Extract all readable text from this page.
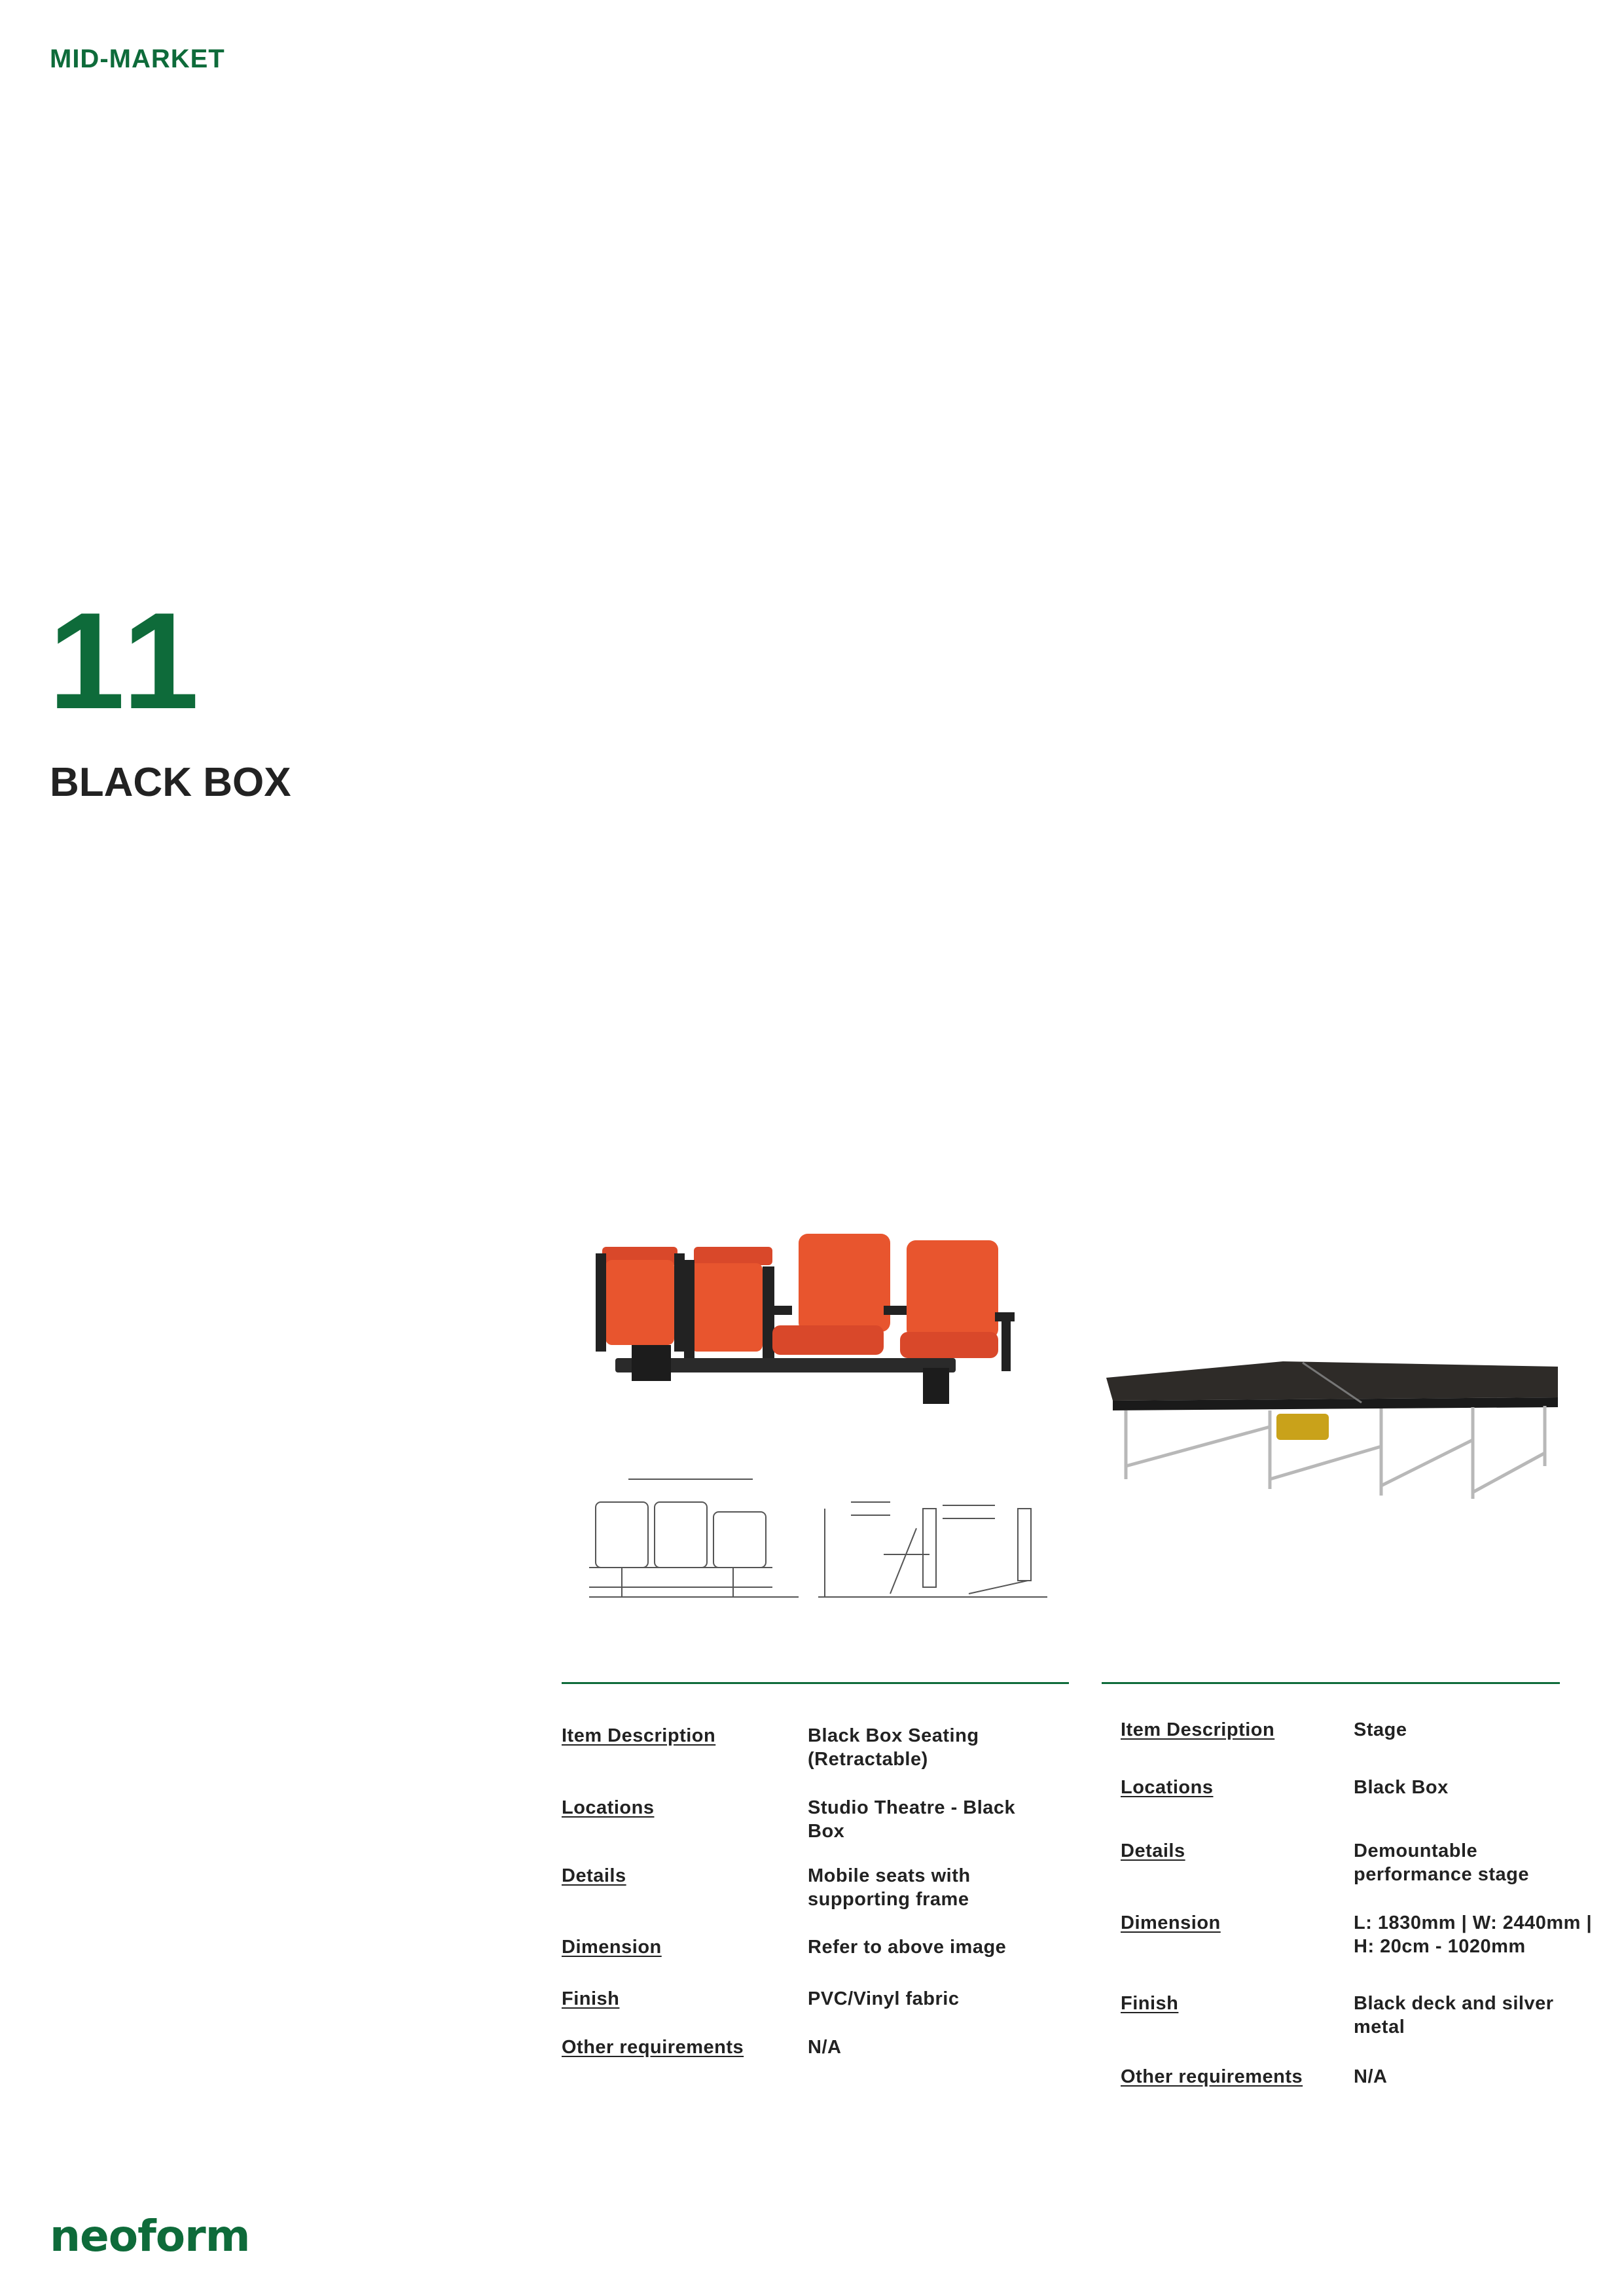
MID-MARKET
11
BLACK BOX
Item Description	Black Box Seating (Retractable)
Locations	Studio Theatre - Black Box
Details	Mobile seats with supporting frame
Dimension	Refer to above image
Finish	PVC/Vinyl fabric
Other requirements	N/A
Item Description	Stage
Locations	Black Box
Details	Demountable performance stage
Dimension	L: 1830mm | W: 2440mm | H: 20cm - 1020mm
Finish	Black deck and silver metal
Other requirements	N/A
neoform
